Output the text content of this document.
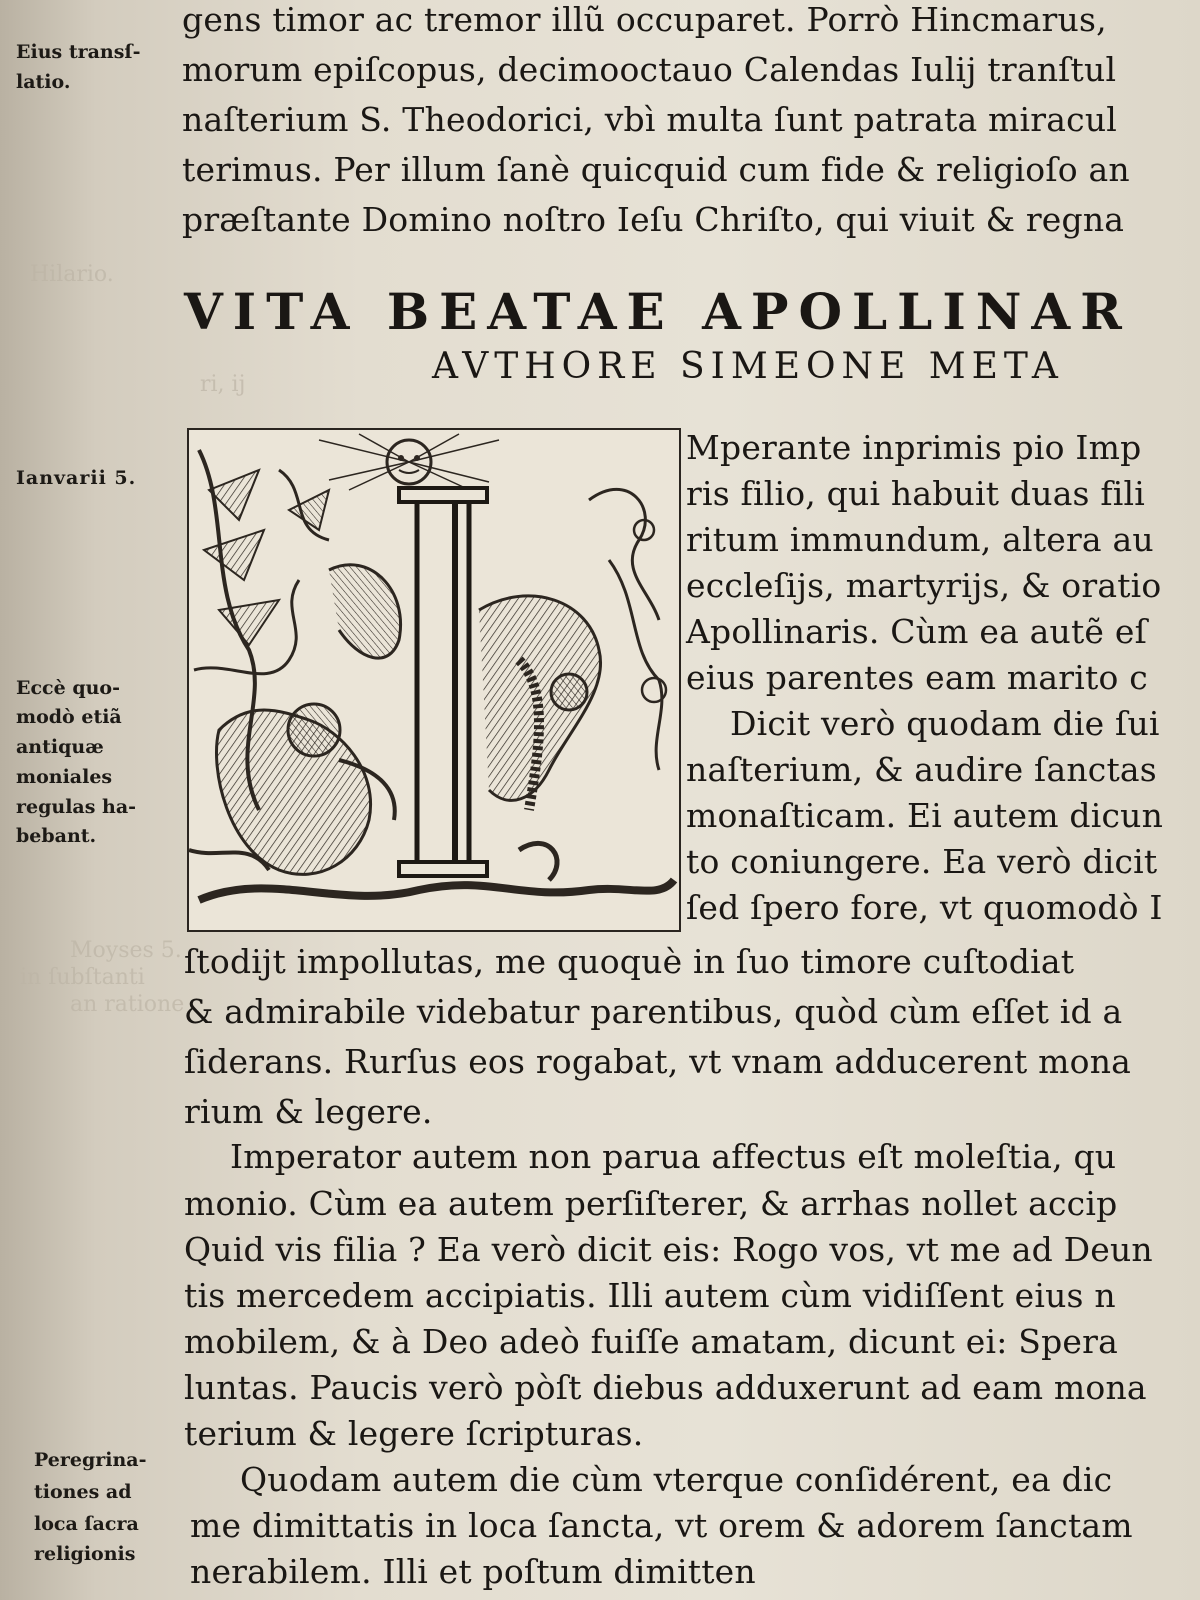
Hilario.
ri, ij
Moyses 5.
in ſubſtanti
an ratione
Eius transſ-
latio.
Ianvarii 5.
Eccè quo-
modò etiã
antiquæ
moniales
regulas ha-
bebant.
Peregrina-
tiones ad
loca ſacra
religionis
gens timor ac tremor illũ occuparet. Porrò Hincmarus,
morum epiſcopus, decimooctauo Calendas Iulij tranſtul
naſterium S. Theodorici, vbì multa ſunt patrata miracul
terimus. Per illum ſanè quicquid cum fide & religioſo an
præſtante Domino noſtro Ieſu Chriſto, qui viuit & regna
VITA BEATAE APOLLINAR
AVTHORE SIMEONE META
Mperante inprimis pio Imp
ris filio, qui habuit duas fili
ritum immundum, altera au
eccleſijs, martyrijs, & oratio
Apollinaris. Cùm ea autẽ eſ
eius parentes eam marito c
Dicit verò quodam die ſui
naſterium, & audire ſanctas
monaſticam. Ei autem dicun
to coniungere. Ea verò dicit
ſed ſpero fore, vt quomodò I
ſtodijt impollutas, me quoquè in ſuo timore cuſtodiat
& admirabile videbatur parentibus, quòd cùm eſſet id a
ſiderans. Rurſus eos rogabat, vt vnam adducerent mona
rium & legere.
Imperator autem non parua affectus eſt moleſtia, qu
monio. Cùm ea autem perſiſterer, & arrhas nollet accip
Quid vis filia ? Ea verò dicit eis: Rogo vos, vt me ad Deun
tis mercedem accipiatis. Illi autem cùm vidiſſent eius n
mobilem, & à Deo adeò fuiſſe amatam, dicunt ei: Spera
luntas. Paucis verò pòſt diebus adduxerunt ad eam mona
terium & legere ſcripturas.
Quodam autem die cùm vterque conſidérent, ea dic
me dimittatis in loca ſancta, vt orem & adorem ſanctam
nerabilem. Illi et poſtum dimitten
